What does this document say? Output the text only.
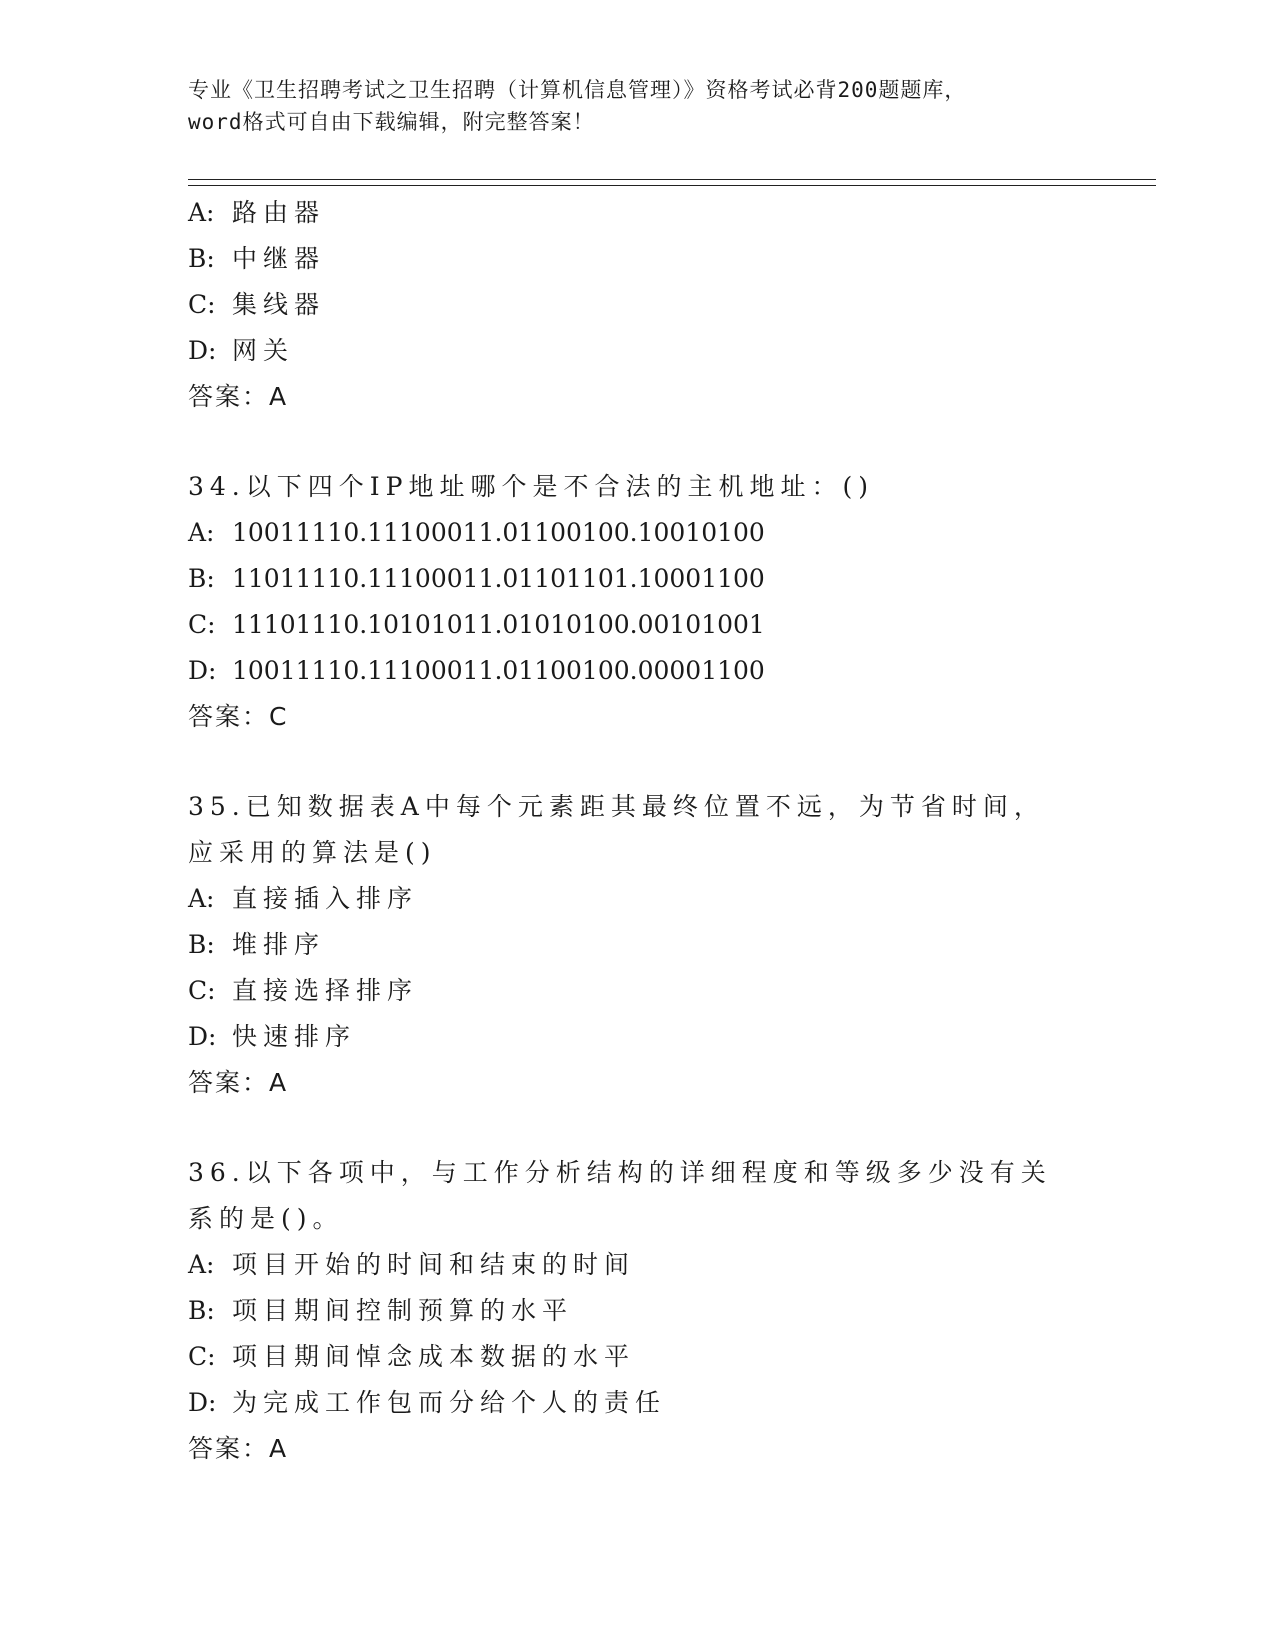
专业《卫生招聘考试之卫生招聘（计算机信息管理）》资格考试必背200题题库，
word格式可自由下载编辑，附完整答案！
A: 路由器
B: 中继器
C: 集线器
D: 网关
答案：A
34.以下四个IP地址哪个是不合法的主机地址：()
A: 10011110.11100011.01100100.10010100
B: 11011110.11100011.01101101.10001100
C: 11101110.10101011.01010100.00101001
D: 10011110.11100011.01100100.00001100
答案：C
35.已知数据表A中每个元素距其最终位置不远，为节省时间，应采用的算法是()
A: 直接插入排序
B: 堆排序
C: 直接选择排序
D: 快速排序
答案：A
36.以下各项中，与工作分析结构的详细程度和等级多少没有关系的是()。
A: 项目开始的时间和结束的时间
B: 项目期间控制预算的水平
C: 项目期间悼念成本数据的水平
D: 为完成工作包而分给个人的责任
答案：A
